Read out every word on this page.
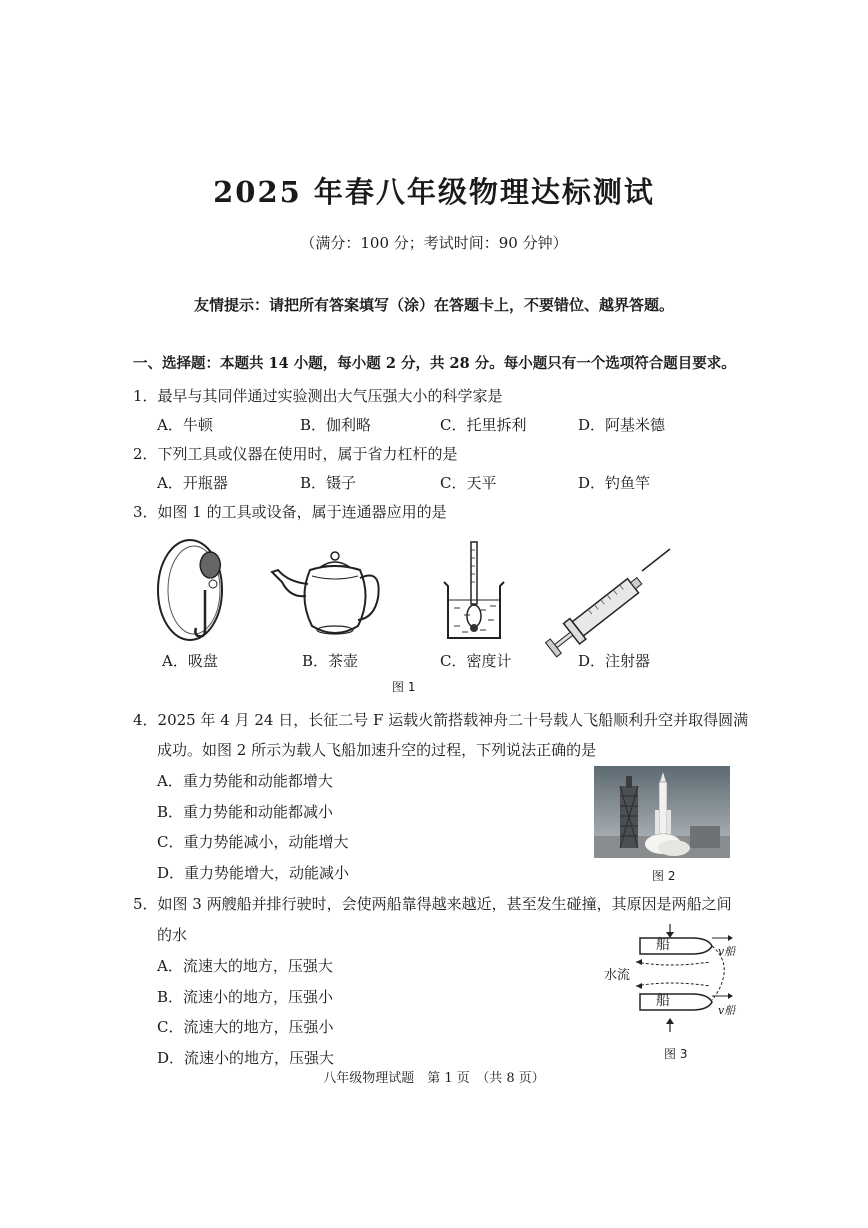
2025 年春八年级物理达标测试
（满分：100 分；考试时间：90 分钟）
友情提示：请把所有答案填写（涂）在答题卡上，不要错位、越界答题。
一、选择题：本题共 14 小题，每小题 2 分，共 28 分。每小题只有一个选项符合题目要求。
1．最早与其同伴通过实验测出大气压强大小的科学家是
A．牛顿	B．伽利略	C．托里拆利	D．阿基米德
2．下列工具或仪器在使用时，属于省力杠杆的是
A．开瓶器	B．镊子	C．天平	D．钓鱼竿
3．如图 1 的工具或设备，属于连通器应用的是
A．吸盘	B．茶壶	C．密度计	D．注射器
图 1
4．2025 年 4 月 24 日，长征二号 F 运载火箭搭载神舟二十号载人飞船顺利升空并取得圆满
成功。如图 2 所示为载人飞船加速升空的过程，下列说法正确的是
A．重力势能和动能都增大
B．重力势能和动能都减小
C．重力势能减小，动能增大
D．重力势能增大，动能减小	图 2
5．如图 3 两艘船并排行驶时，会使两船靠得越来越近，甚至发生碰撞，其原因是两船之间
的水
A．流速大的地方，压强大
B．流速小的地方，压强小
C．流速大的地方，压强小
D．流速小的地方，压强大
船
船
水流
v船
v船
图 3
八年级物理试题　第 1 页　（共 8 页）
